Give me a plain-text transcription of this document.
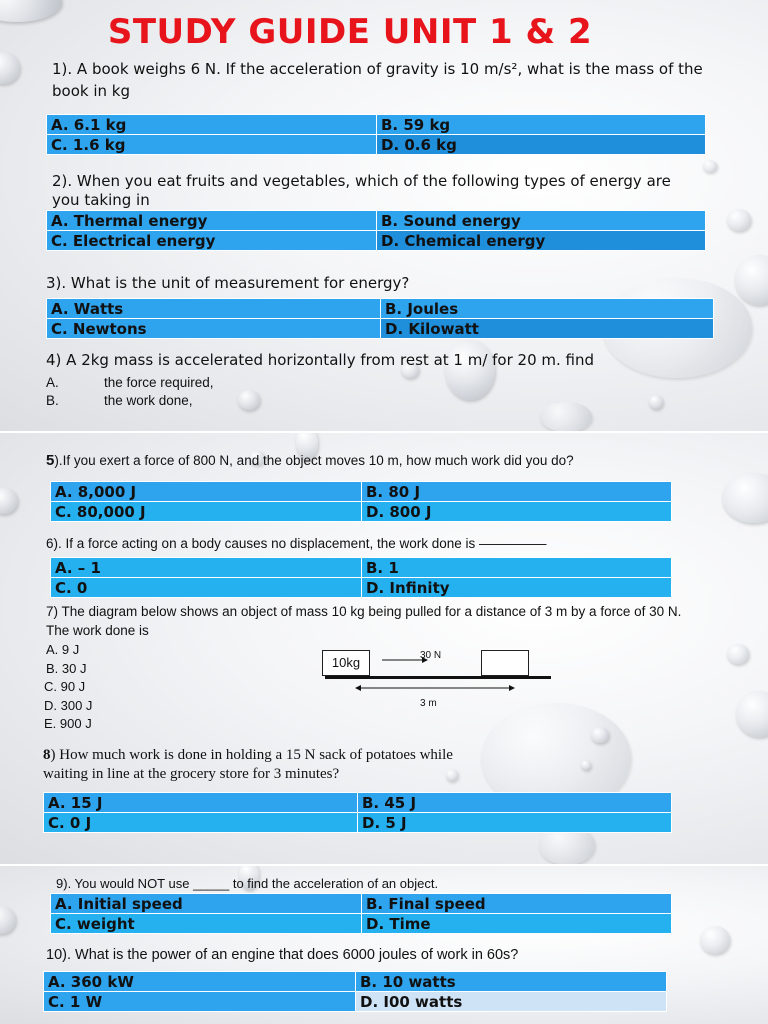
STUDY GUIDE UNIT 1 & 2
1). A book weighs 6 N. If the acceleration of gravity is 10 m/s², what is the mass of the book in kg
A. 6.1 kg	B. 59 kg
C. 1.6 kg	D. 0.6 kg
2). When you eat fruits and vegetables, which of the following types of energy are you taking in
A. Thermal energy	B. Sound energy
C. Electrical energy	D. Chemical energy
3). What is the unit of measurement for energy?
A. Watts	B. Joules
C. Newtons	D. Kilowatt
4) A 2kg mass is accelerated horizontally from rest at 1 m/ for 20 m. find
A.	the force required,
B.	the work done,
5).If you exert a force of 800 N, and the object moves 10 m, how much work did you do?
A. 8,000 J	B. 80 J
C. 80,000 J	D. 800 J
6). If a force acting on a body causes no displacement, the work done is —————
A. – 1	B. 1
C. 0	D. Infinity
7) The diagram below shows an object of mass 10 kg being pulled for a distance of 3 m by a force of 30 N. The work done is
A. 9 J
B. 30 J
C. 90 J
D. 300 J
E. 900 J
10kg	30 N
3 m
8) How much work is done in holding a 15 N sack of potatoes while waiting in line at the grocery store for 3 minutes?
A. 15 J	B. 45 J
C. 0 J	D. 5 J
9). You would NOT use _____ to find the acceleration of an object.
A. Initial speed	B. Final speed
C. weight	D. Time
10). What is the power of an engine that does 6000 joules of work in 60s?
A. 360 kW	B. 10 watts
C. 1 W	D. I00 watts
